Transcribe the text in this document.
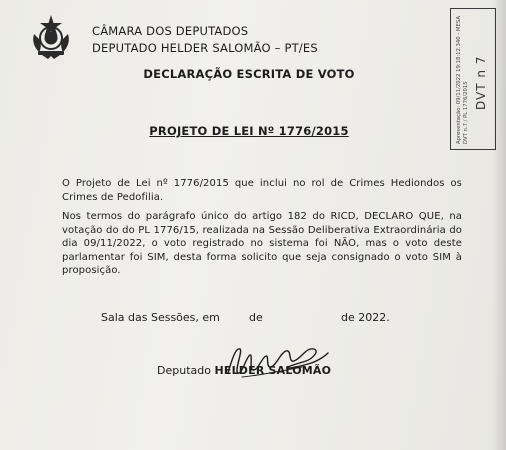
CÂMARA DOS DEPUTADOS
DEPUTADO HELDER SALOMÃO – PT/ES
DECLARAÇÃO ESCRITA DE VOTO
PROJETO DE LEI Nº 1776/2015
O Projeto de Lei nº 1776/2015 que inclui no rol de Crimes Hediondos os Crimes de Pedofilia.
Nos termos do parágrafo único do artigo 182 do RICD, DECLARO QUE, na votação do do PL 1776/15, realizada na Sessão Deliberativa Extraordinária do dia 09/11/2022, o voto registrado no sistema foi NÃO, mas o voto deste parlamentar foi SIM, desta forma solicito que seja consignado o voto SIM à proposição.
Sala das Sessões, em	de	de 2022.
Deputado HELDER SALOMÃO
Apresentação: 09/11/2022 19:18:12.340 - MESA DVT n.7 / PL 1776/2015 DVT n 7
